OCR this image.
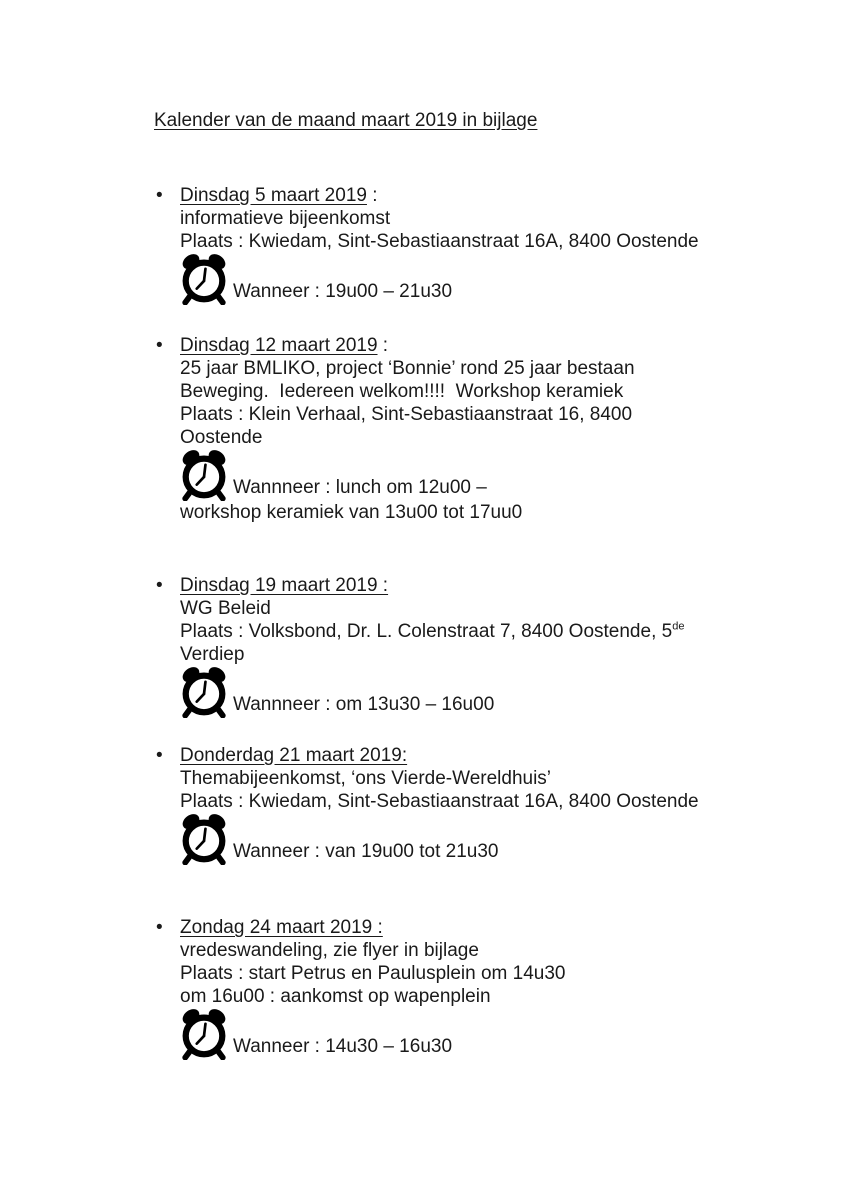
Kalender van de maand maart 2019 in bijlage
• Dinsdag 5 maart 2019 :
informatieve bijeenkomst
Plaats : Kwiedam, Sint-Sebastiaanstraat 16A, 8400 Oostende
Wanneer : 19u00 – 21u30
• Dinsdag 12 maart 2019 :
25 jaar BMLIKO, project ‘Bonnie’ rond 25 jaar bestaan
Beweging.  Iedereen welkom!!!!  Workshop keramiek
Plaats : Klein Verhaal, Sint-Sebastiaanstraat 16, 8400
Oostende
Wannneer : lunch om 12u00 –
workshop keramiek van 13u00 tot 17uu0
• Dinsdag 19 maart 2019 :
WG Beleid
Plaats : Volksbond, Dr. L. Colenstraat 7, 8400 Oostende, 5de
Verdiep
Wannneer : om 13u30 – 16u00
• Donderdag 21 maart 2019:
Themabijeenkomst, ‘ons Vierde-Wereldhuis’
Plaats : Kwiedam, Sint-Sebastiaanstraat 16A, 8400 Oostende
Wanneer : van 19u00 tot 21u30
• Zondag 24 maart 2019 :
vredeswandeling, zie flyer in bijlage
Plaats : start Petrus en Paulusplein om 14u30
om 16u00 : aankomst op wapenplein
Wanneer : 14u30 – 16u30
